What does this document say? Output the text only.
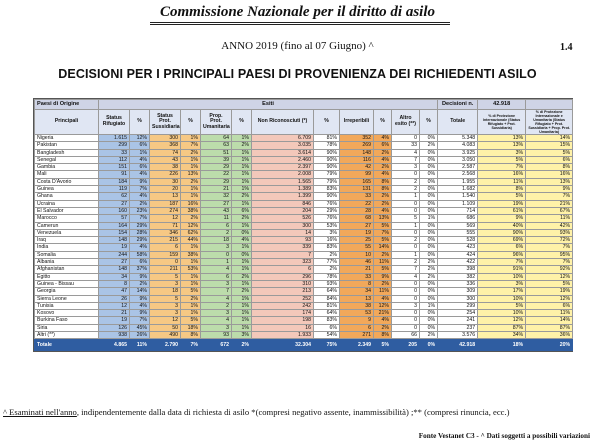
Commissione Nazionale per il diritto di asilo
ANNO 2019 (fino al 07 Giugno) ^	1.4
DECISIONI PER I PRINCIPALI PAESI DI PROVENIENZA DEI RICHIEDENTI ASILO
Paesi di Origine	Esiti												Decisioni n.	42.918	
Principali	Status Rifugiato	%	Status Prot. Sussidiaria	%	Prop. Prot. Umanitaria	%	Non Riconosciuti (*)	%	Irreperibili	%	Altro esito (**)	%	Totale	% di Protezione Internazionale (Status Rifugiato + Prot. Sussidiaria)	% di Protezione Internazionale e Umanitaria (Status Rifugiato + Prot. Sussidiaria + Prop. Prot. Umanitaria)
Nigeria	1.615	12%	300	1%	64	1%	6.709	81%	352	4%	0	0%	5.348	13%	14%
Pakistan	299	6%	368	7%	63	2%	3.035	78%	269	6%	33	2%	4.083	13%	15%
Bangladesh	33	1%	74	2%	51	1%	3.614	90%	148	2%	4	0%	3.925	3%	5%
Senegal	112	4%	43	1%	39	1%	2.460	90%	116	4%	7	0%	3.050	5%	6%
Gambia	151	6%	38	1%	29	1%	2.397	90%	42	2%	3	0%	2.587	7%	8%
Mali	91	4%	226	13%	22	1%	2.008	79%	99	4%	0	0%	2.568	16%	16%
Costa D'Avorio	184	9%	30	2%	29	1%	1.565	79%	165	8%	2	0%	1.955	11%	13%
Guinea	119	7%	20	1%	21	1%	1.389	83%	131	8%	2	0%	1.682	8%	9%
Ghana	62	4%	13	1%	32	2%	1.399	90%	33	2%	1	0%	1.540	5%	7%
Ucraina	27	2%	187	16%	27	1%	846	76%	22	2%	0	0%	1.109	19%	21%
El Salvador	160	23%	274	38%	43	6%	204	29%	28	4%	0	0%	714	61%	67%
Marocco	57	7%	12	2%	11	2%	526	76%	68	13%	5	1%	686	9%	11%
Camerun	164	29%	71	12%	6	1%	300	53%	27	5%	1	0%	569	40%	42%
Venezuela	154	28%	346	62%	2	0%	14	3%	19	7%	0	0%	555	90%	93%
Iraq	148	29%	215	44%	18	4%	93	16%	25	5%	2	0%	528	69%	72%
India	19	4%	6	1%	3	1%	339	83%	55	14%	0	0%	423	6%	7%
Somalia	244	58%	159	38%	0	0%	7	2%	10	2%	1	0%	424	96%	95%
Albania	27	6%	0	1%	1	1%	323	77%	46	11%	2	2%	422	7%	7%
Afghanistan	148	37%	211	53%	4	1%	6	2%	21	5%	7	2%	398	91%	92%
Egitto	34	9%	5	1%	6	2%	296	78%	33	9%	4	2%	382	10%	12%
Guinea - Bissau	8	2%	3	1%	3	1%	310	93%	8	2%	0	0%	336	3%	5%
Georgia	47	14%	18	5%	7	2%	213	64%	34	11%	0	0%	309	17%	19%
Sierra Leone	26	9%	5	2%	4	1%	252	84%	13	4%	0	0%	300	10%	12%
Tunisia	12	4%	3	1%	2	1%	242	81%	38	12%	3	1%	299	5%	6%
Kosovo	21	9%	3	1%	3	1%	174	64%	53	21%	0	0%	254	10%	11%
Burkina Faso	19	7%	12	5%	4	1%	198	83%	9	4%	0	0%	241	12%	14%
Siria	126	45%	50	18%	3	1%	16	6%	6	2%	0	0%	237	87%	87%
Altri (**)	938	26%	490	8%	93	3%	1.933	54%	271	8%	66	2%	3.576	34%	36%
Totale	4.865	11%	2.790	7%	672	2%	32.304	75%	2.349	5%	205	0%	42.918	18%	20%
^ Esaminati nell'anno, indipendentemente dalla data di richiesta di asilo *(compresi negativo assente, inammissibilità) ;** (compresi rinuncia, ecc.)
Fonte Vestanet C3 - ^ Dati soggetti a possibili variazioni
